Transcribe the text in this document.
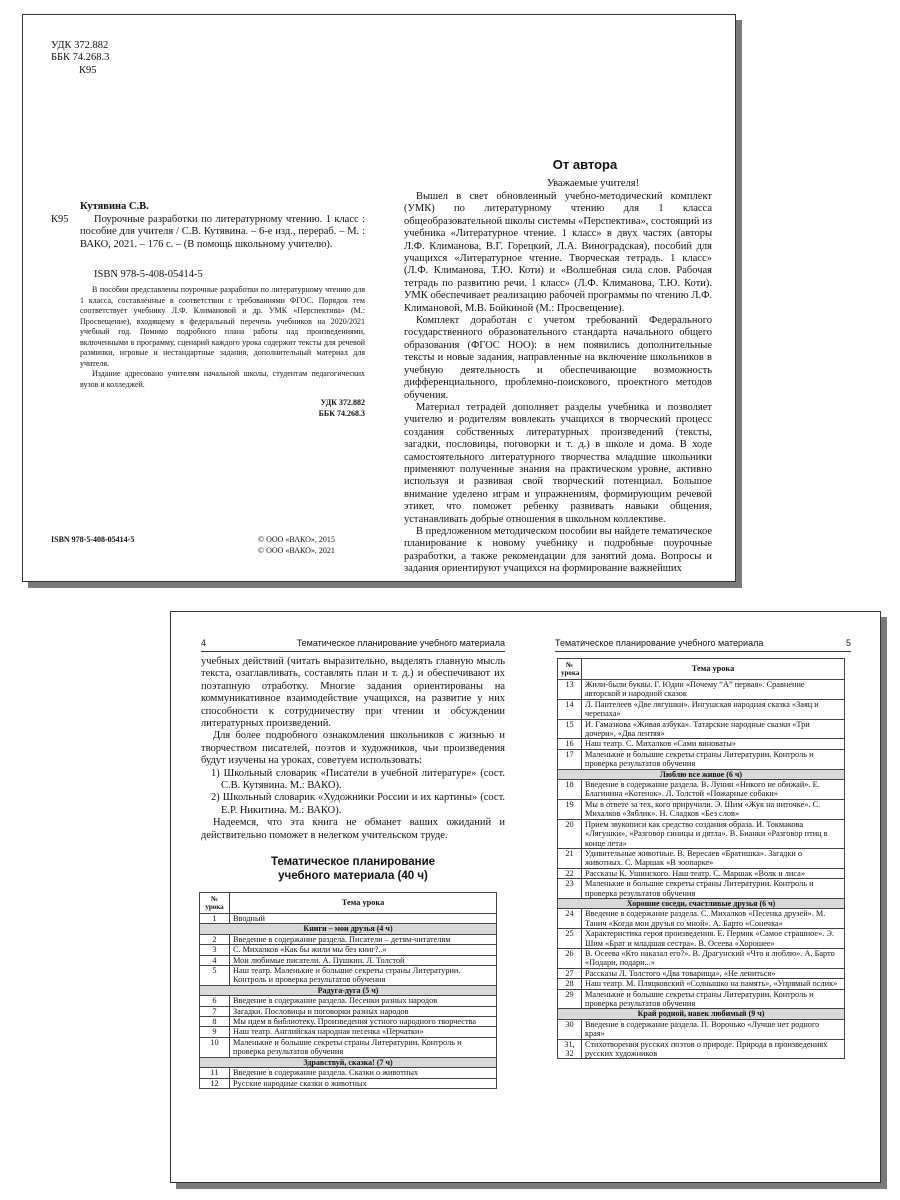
УДК 372.882
ББК 74.268.3
К95
Кутявина С.В.
К95	Поурочные разработки по литературному чтению. 1 класс : пособие для учителя / С.В. Кутявина. – 6-е изд., перераб. – М. : ВАКО, 2021. – 176 с. – (В помощь школьному учителю).
ISBN 978-5-408-05414-5

В пособии представлены поурочные разработки по литературному чтению для 1 класса, составленные в соответствии с требованиями ФГОС. Порядок тем соответствует учебнику Л.Ф. Климановой и др. УМК «Перспектива» (М.: Просвещение), входящему в федеральный перечень учебников на 2020/2021 учебный год. Помимо подробного плана работы над произведениями, включенными в программу, сценарий каждого урока содержит тексты для речевой разминки, игровые и нестандартные задания, дополнительный материал для учителя.

Издание адресовано учителям начальной школы, студентам педагогических вузов и колледжей.

УДК 372.882
ББК 74.268.3
ISBN 978-5-408-05414-5	© ООО «ВАКО», 2015
© ООО «ВАКО», 2021
От автора
Уважаемые учителя!

Вышел в свет обновленный учебно-методический комплект (УМК) по литературному чтению для 1 класса общеобразовательной школы системы «Перспектива», состоящий из учебника «Литературное чтение. 1 класс» в двух частях (авторы Л.Ф. Климанова, В.Г. Горецкий, Л.А. Виноградская), пособий для учащихся «Литературное чтение. Творческая тетрадь. 1 класс» (Л.Ф. Климанова, Т.Ю. Коти) и «Волшебная сила слов. Рабочая тетрадь по развитию речи. 1 класс» (Л.Ф. Климанова, Т.Ю. Коти). УМК обеспечивает реализацию рабочей программы по чтению Л.Ф. Климановой, М.В. Бойкиной (М.: Просвещение).

Комплект доработан с учетом требований Федерального государственного образовательного стандарта начального общего образования (ФГОС НОО): в нем появились дополнительные тексты и новые задания, направленные на включение школьников в учебную деятельность и обеспечивающие возможность дифференциального, проблемно-поискового, проектного методов обучения.

Материал тетрадей дополняет разделы учебника и позволяет учителю и родителям вовлекать учащихся в творческий процесс создания собственных литературных произведений (тексты, загадки, пословицы, поговорки и т. д.) в школе и дома. В ходе самостоятельного литературного творчества младшие школьники применяют полученные знания на практическом уровне, активно используя и развивая свой творческий потенциал. Большое внимание уделено играм и упражнениям, формирующим речевой этикет, что поможет ребенку развивать навыки общения, устанавливать добрые отношения в школьном коллективе.

В предложенном методическом пособии вы найдете тематическое планирование к новому учебнику и подробные поурочные разработки, а также рекомендации для занятий дома. Вопросы и задания ориентируют учащихся на формирование важнейших

4	Тематическое планирование учебного материала

учебных действий (читать выразительно, выделять главную мысль текста, озаглавливать, составлять план и т. д.) и обеспечивают их поэтапную отработку. Многие задания ориентированы на коммуникативное взаимодействие учащихся, на развитие у них способности к сотрудничеству при чтении и обсуждении литературных произведений.

Для более подробного ознакомления школьников с жизнью и творчеством писателей, поэтов и художников, чьи произведения будут изучены на уроках, советуем использовать:

1) Школьный словарик «Писатели в учебной литературе» (сост. С.В. Кутявина. М.: ВАКО).

2) Школьный словарик «Художники России и их картины» (сост. Е.Р. Никитина. М.: ВАКО).

Надеемся, что эта книга не обманет ваших ожиданий и действительно поможет в нелегком учительском труде.

Тематическое планирование
учебного материала (40 ч)
№ урока	Тема урока
1	Вводный
Книги – мои друзья (4 ч)	
2	Введение в содержание раздела. Писатели – детям-читателям
3	С. Михалков «Как бы жили мы без книг?..»
4	Мои любимые писатели. А. Пушкин. Л. Толстой
5	Наш театр. Маленькие и большие секреты страны Литературии. Контроль и проверка результатов обучения
Радуга-дуга (5 ч)	
6	Введение в содержание раздела. Песенки разных народов
7	Загадки. Пословицы и поговорки разных народов
8	Мы идем в библиотеку. Произведения устного народного творчества
9	Наш театр. Английская народная песенка «Перчатки»
10	Маленькие и большие секреты страны Литературии. Контроль и проверка результатов обучения
Здравствуй, сказка! (7 ч)	
11	Введение в содержание раздела. Сказки о животных
12	Русские народные сказки о животных
Тематическое планирование учебного материала	5
№ урока	Тема урока
13	Жили-были буквы. Г. Юдин «Почему “А” первая». Сравнение авторской и народной сказок
14	Л. Пантелеев «Две лягушки». Ингушская народная сказка «Заяц и черепаха»
15	И. Гамазкова «Живая азбука». Татарские народные сказки «Три дочери», «Два лентяя»
16	Наш театр. С. Михалков «Сами виноваты»
17	Маленькие и большие секреты страны Литературии. Контроль и проверка результатов обучения
Люблю все живое (6 ч)	
18	Введение в содержание раздела. В. Лунин «Никого не обижай». Е. Благинина «Котенок». Л. Толстой «Пожарные собаки»
19	Мы в ответе за тех, кого приручили. Э. Шим «Жук на ниточке». С. Михалков «Зяблик». Н. Сладков «Без слов»
20	Прием звукописи как средство создания образа. И. Токмакова «Лягушки», «Разговор синицы и дятла». В. Бианки «Разговор птиц в конце лета»
21	Удивительные животные. В. Вересаев «Братишка». Загадки о животных. С. Маршак «В зоопарке»
22	Рассказы К. Ушинского. Наш театр. С. Маршак «Волк и лиса»
23	Маленькие и большие секреты страны Литературии. Контроль и проверка результатов обучения
Хорошие соседи, счастливые друзья (6 ч)	
24	Введение в содержание раздела. С. Михалков «Песенка друзей». М. Танич «Когда мои друзья со мной». А. Барто «Сонечка»
25	Характеристика героя произведения. Е. Пермяк «Самое страшное». Э. Шим «Брат и младшая сестра». В. Осеева «Хорошее»
26	В. Осеева «Кто наказал его?». В. Драгунский «Что я люблю». А. Барто «Подари, подари...»
27	Рассказы Л. Толстого «Два товарища», «Не лениться»
28	Наш театр. М. Пляцковский «Солнышко на память», «Упрямый ослик»
29	Маленькие и большие секреты страны Литературии. Контроль и проверка результатов обучения
Край родной, навек любимый (9 ч)	
30	Введение в содержание раздела. П. Воронько «Лучше нет родного края»
31, 32	Стихотворения русских поэтов о природе. Природа в произведениях русских художников
